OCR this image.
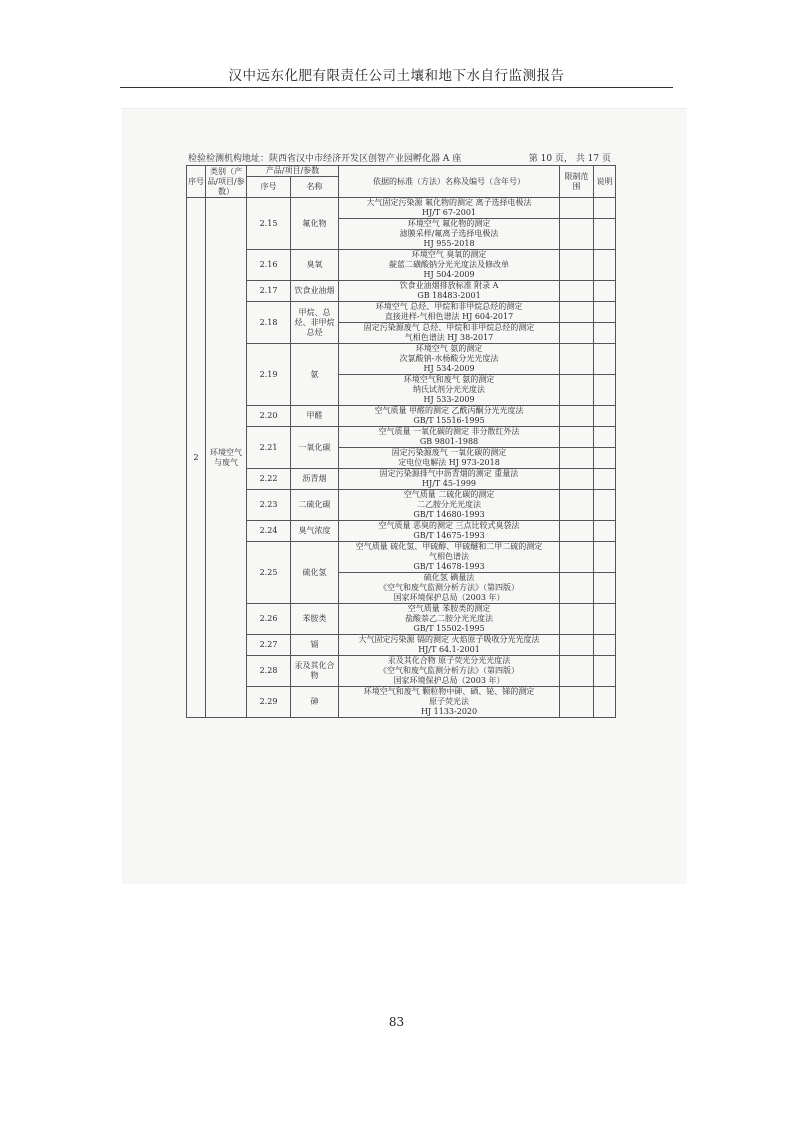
汉中远东化肥有限责任公司土壤和地下水自行监测报告
检验检测机构地址：陕西省汉中市经济开发区创智产业园孵化器 A 座	第 10 页， 共 17 页
序号	类别（产品/项目/参数）	产品/项目/参数		依据的标准（方法）名称及编号（含年号）	限制范围	说明
		序号	名称			
2	环境空气与废气	2.15	氟化物	大气固定污染源 氟化物的测定 离子选择电极法
HJ/T 67-2001		

				环境空气 氟化物的测定
滤膜采样/氟离子选择电极法
HJ 955-2018		

		2.16	臭氧	环境空气 臭氧的测定
靛蓝二磺酸钠分光光度法及修改单
HJ 504-2009		

		2.17	饮食业油烟	饮食业油烟排放标准 附录 A
GB 18483-2001		

		2.18	甲烷、总烃、非甲烷总烃	环境空气 总烃、甲烷和非甲烷总烃的测定
直接进样-气相色谱法 HJ 604-2017		

				固定污染源废气 总烃、甲烷和非甲烷总烃的测定
气相色谱法 HJ 38-2017		

		2.19	氨	环境空气 氨的测定
次氯酸钠-水杨酸分光光度法
HJ 534-2009		

				环境空气和废气 氨的测定
纳氏试剂分光光度法
HJ 533-2009		

		2.20	甲醛	空气质量 甲醛的测定 乙酰丙酮分光光度法
GB/T 15516-1995		

		2.21	一氧化碳	空气质量 一氧化碳的测定 非分散红外法
GB 9801-1988		

				固定污染源废气 一氧化碳的测定
定电位电解法 HJ 973-2018		

		2.22	沥青烟	固定污染源排气中沥青烟的测定 重量法
HJ/T 45-1999		

		2.23	二硫化碳	空气质量 二硫化碳的测定
二乙胺分光光度法
GB/T 14680-1993		

		2.24	臭气浓度	空气质量 恶臭的测定 三点比较式臭袋法
GB/T 14675-1993		

		2.25	硫化氢	空气质量 硫化氢、甲硫醇、甲硫醚和二甲二硫的测定
气相色谱法
GB/T 14678-1993		

				硫化氢 碘量法
《空气和废气监测分析方法》（第四版）
国家环境保护总局（2003 年）		

		2.26	苯胺类	空气质量 苯胺类的测定
盐酸萘乙二胺分光光度法
GB/T 15502-1995		

		2.27	镉	大气固定污染源 镉的测定 火焰原子吸收分光光度法
HJ/T 64.1-2001		

		2.28	汞及其化合物	汞及其化合物 原子荧光分光光度法
《空气和废气监测分析方法》（第四版）
国家环境保护总局（2003 年）		

		2.29	砷	环境空气和废气 颗粒物中砷、硒、铋、锑的测定
原子荧光法
HJ 1133-2020		

83
